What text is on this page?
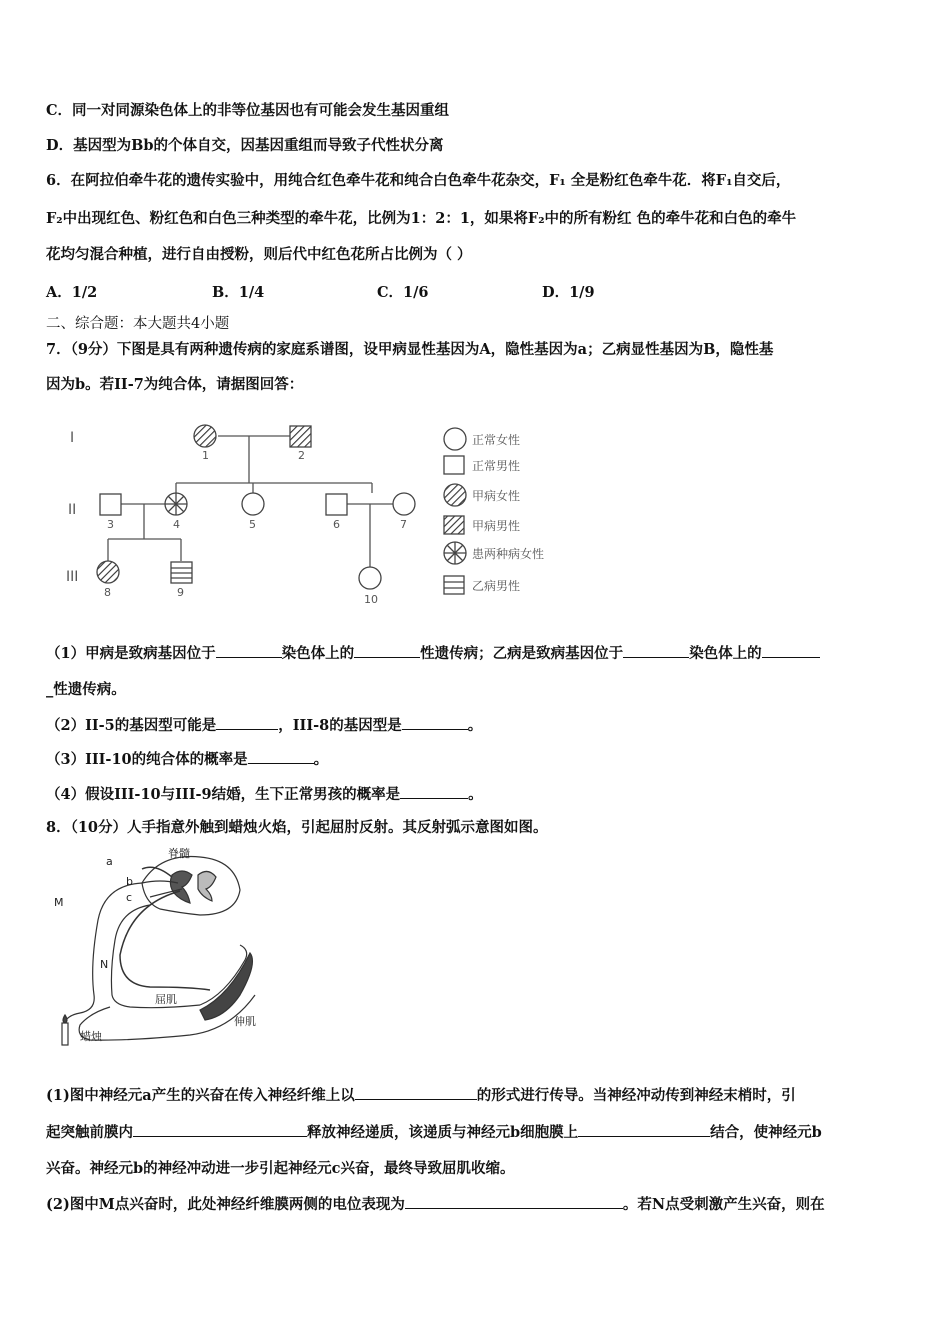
C．同一对同源染色体上的非等位基因也有可能会发生基因重组
D．基因型为Bb的个体自交，因基因重组而导致子代性状分离
6．在阿拉伯牵牛花的遗传实验中，用纯合红色牵牛花和纯合白色牵牛花杂交，F₁ 全是粉红色牵牛花．将F₁自交后，
F₂中出现红色、粉红色和白色三种类型的牵牛花，比例为1：2：1，如果将F₂中的所有粉红 色的牵牛花和白色的牵牛
花均匀混合种植，进行自由授粉，则后代中红色花所占比例为（ ）
A．1/2	B．1/4	C．1/6	D．1/9
二、综合题：本大题共4小题
7．（9分）下图是具有两种遗传病的家庭系谱图，设甲病显性基因为A，隐性基因为a；乙病显性基因为B，隐性基
因为b。若II-7为纯合体，请据图回答：
I
II
III
1	2
3	4	5	6	7
8	9
10
正常女性
正常男性
甲病女性
甲病男性
患两种病女性
乙病男性
（1）甲病是致病基因位于	染色体上的	性遗传病；乙病是致病基因位于	染色体上的
_性遗传病。
（2）II-5的基因型可能是	，III-8的基因型是	。
（3）III-10的纯合体的概率是	。
（4）假设III-10与III-9结婚，生下正常男孩的概率是	。
8．（10分）人手指意外触到蜡烛火焰，引起屈肘反射。其反射弧示意图如图。
脊髓
a
b
c
M
N
屈肌
伸肌
蜡烛
(1)图中神经元a产生的兴奋在传入神经纤维上以	的形式进行传导。当神经冲动传到神经末梢时，引
起突触前膜内	释放神经递质，该递质与神经元b细胞膜上	结合，使神经元b
兴奋。神经元b的神经冲动进一步引起神经元c兴奋，最终导致屈肌收缩。
(2)图中M点兴奋时，此处神经纤维膜两侧的电位表现为	。若N点受刺激产生兴奋，则在
